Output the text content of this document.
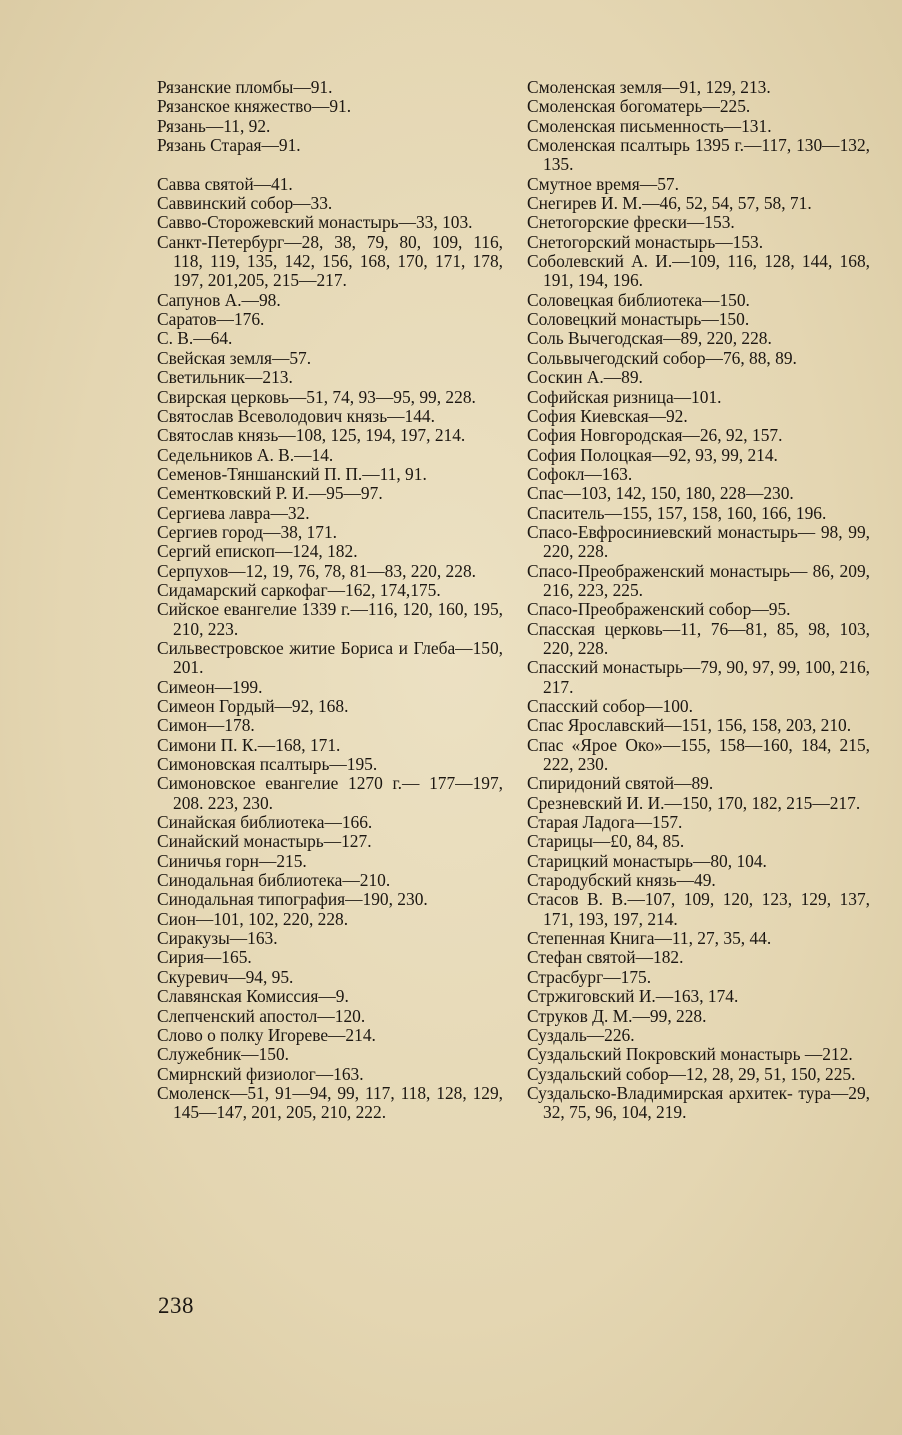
Рязанские пломбы—91.
Рязанское княжество—91.
Рязань—11, 92.
Рязань Старая—91.
Савва святой—41.
Саввинский собор—33.
Савво-Сторожевский монастырь—33, 103.
Санкт-Петербург—28, 38, 79, 80, 109, 116, 118, 119, 135, 142, 156, 168, 170, 171, 178, 197, 201,205, 215—217.
Сапунов А.—98.
Саратов—176.
С. В.—64.
Свейская земля—57.
Светильник—213.
Свирская церковь—51, 74, 93—95, 99, 228.
Святослав Всеволодович князь—144.
Святослав князь—108, 125, 194, 197, 214.
Седельников А. В.—14.
Семенов-Тяншанский П. П.—11, 91.
Сементковский Р. И.—95—97.
Сергиева лавра—32.
Сергиев город—38, 171.
Сергий епископ—124, 182.
Серпухов—12, 19, 76, 78, 81—83, 220, 228.
Сидамарский саркофаг—162, 174,175.
Сийское евангелие 1339 г.—116, 120, 160, 195, 210, 223.
Сильвестровское житие Бориса и Глеба—150, 201.
Симеон—199.
Симеон Гордый—92, 168.
Симон—178.
Симони П. К.—168, 171.
Симоновская псалтырь—195.
Симоновское евангелие 1270 г.— 177—197, 208. 223, 230.
Синайская библиотека—166.
Синайский монастырь—127.
Синичья горн—215.
Синодальная библиотека—210.
Синодальная типография—190, 230.
Сион—101, 102, 220, 228.
Сиракузы—163.
Сирия—165.
Скуревич—94, 95.
Славянская Комиссия—9.
Слепченский апостол—120.
Слово о полку Игореве—214.
Служебник—150.
Смирнский физиолог—163.
Смоленск—51, 91—94, 99, 117, 118, 128, 129, 145—147, 201, 205, 210, 222.
Смоленская земля—91, 129, 213.
Смоленская богоматерь—225.
Смоленская письменность—131.
Смоленская псалтырь 1395 г.—117, 130—132, 135.
Смутное время—57.
Снегирев И. М.—46, 52, 54, 57, 58, 71.
Снетогорские фрески—153.
Снетогорский монастырь—153.
Соболевский А. И.—109, 116, 128, 144, 168, 191, 194, 196.
Соловецкая библиотека—150.
Соловецкий монастырь—150.
Соль Вычегодская—89, 220, 228.
Сольвычегодский собор—76, 88, 89.
Соскин А.—89.
Софийская ризница—101.
София Киевская—92.
София Новгородская—26, 92, 157.
София Полоцкая—92, 93, 99, 214.
Софокл—163.
Спас—103, 142, 150, 180, 228—230.
Спаситель—155, 157, 158, 160, 166, 196.
Спасо-Евфросиниевский монастырь— 98, 99, 220, 228.
Спасо-Преображенский монастырь— 86, 209, 216, 223, 225.
Спасо-Преображенский собор—95.
Спасская церковь—11, 76—81, 85, 98, 103, 220, 228.
Спасский монастырь—79, 90, 97, 99, 100, 216, 217.
Спасский собор—100.
Спас Ярославский—151, 156, 158, 203, 210.
Спас «Ярое Око»—155, 158—160, 184, 215, 222, 230.
Спиридоний святой—89.
Срезневский И. И.—150, 170, 182, 215—217.
Старая Ладога—157.
Старицы—£0, 84, 85.
Старицкий монастырь—80, 104.
Стародубский князь—49.
Стасов В. В.—107, 109, 120, 123, 129, 137, 171, 193, 197, 214.
Степенная Книга—11, 27, 35, 44.
Стефан святой—182.
Страсбург—175.
Стржиговский И.—163, 174.
Струков Д. М.—99, 228.
Суздаль—226.
Суздальский Покровский монастырь —212.
Суздальский собор—12, 28, 29, 51, 150, 225.
Суздальско-Владимирская архитек- тура—29, 32, 75, 96, 104, 219.
238
